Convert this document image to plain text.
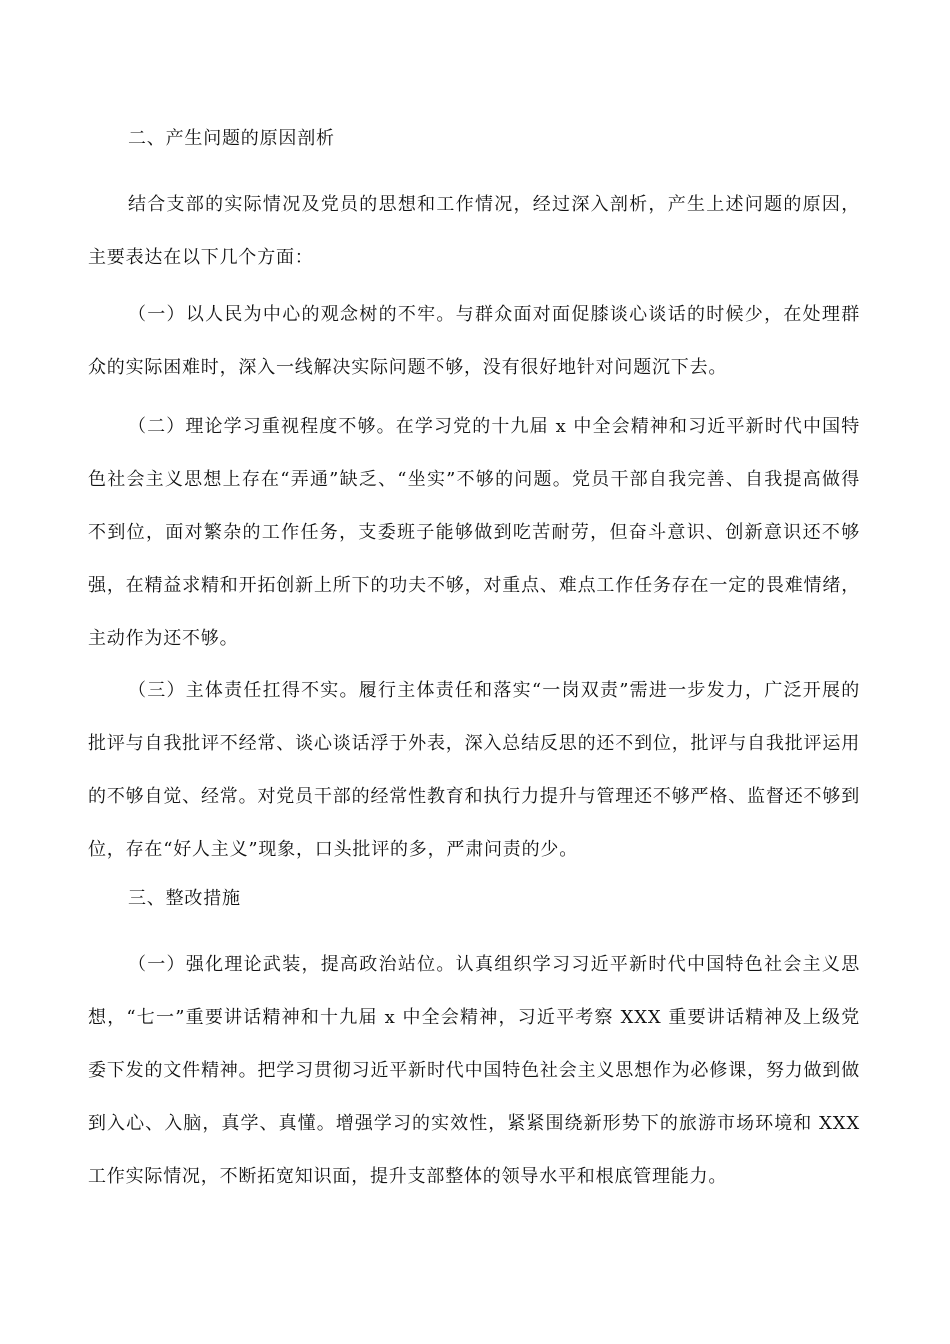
二、产生问题的原因剖析

结合支部的实际情况及党员的思想和工作情况，经过深入剖析，产生上述问题的原因，主要表达在以下几个方面：

（一）以人民为中心的观念树的不牢。与群众面对面促膝谈心谈话的时候少，在处理群众的实际困难时，深入一线解决实际问题不够，没有很好地针对问题沉下去。

（二）理论学习重视程度不够。在学习党的十九届 x 中全会精神和习近平新时代中国特色社会主义思想上存在“弄通”缺乏、“坐实”不够的问题。党员干部自我完善、自我提高做得不到位，面对繁杂的工作任务，支委班子能够做到吃苦耐劳，但奋斗意识、创新意识还不够强，在精益求精和开拓创新上所下的功夫不够，对重点、难点工作任务存在一定的畏难情绪，主动作为还不够。

（三）主体责任扛得不实。履行主体责任和落实“一岗双责”需进一步发力，广泛开展的批评与自我批评不经常、谈心谈话浮于外表，深入总结反思的还不到位，批评与自我批评运用的不够自觉、经常。对党员干部的经常性教育和执行力提升与管理还不够严格、监督还不够到位，存在“好人主义”现象，口头批评的多，严肃问责的少。

三、整改措施

（一）强化理论武装，提高政治站位。认真组织学习习近平新时代中国特色社会主义思想，“七一”重要讲话精神和十九届 x 中全会精神，习近平考察 XXX 重要讲话精神及上级党委下发的文件精神。把学习贯彻习近平新时代中国特色社会主义思想作为必修课，努力做到做到入心、入脑，真学、真懂。增强学习的实效性，紧紧围绕新形势下的旅游市场环境和 XXX 工作实际情况，不断拓宽知识面，提升支部整体的领导水平和根底管理能力。
